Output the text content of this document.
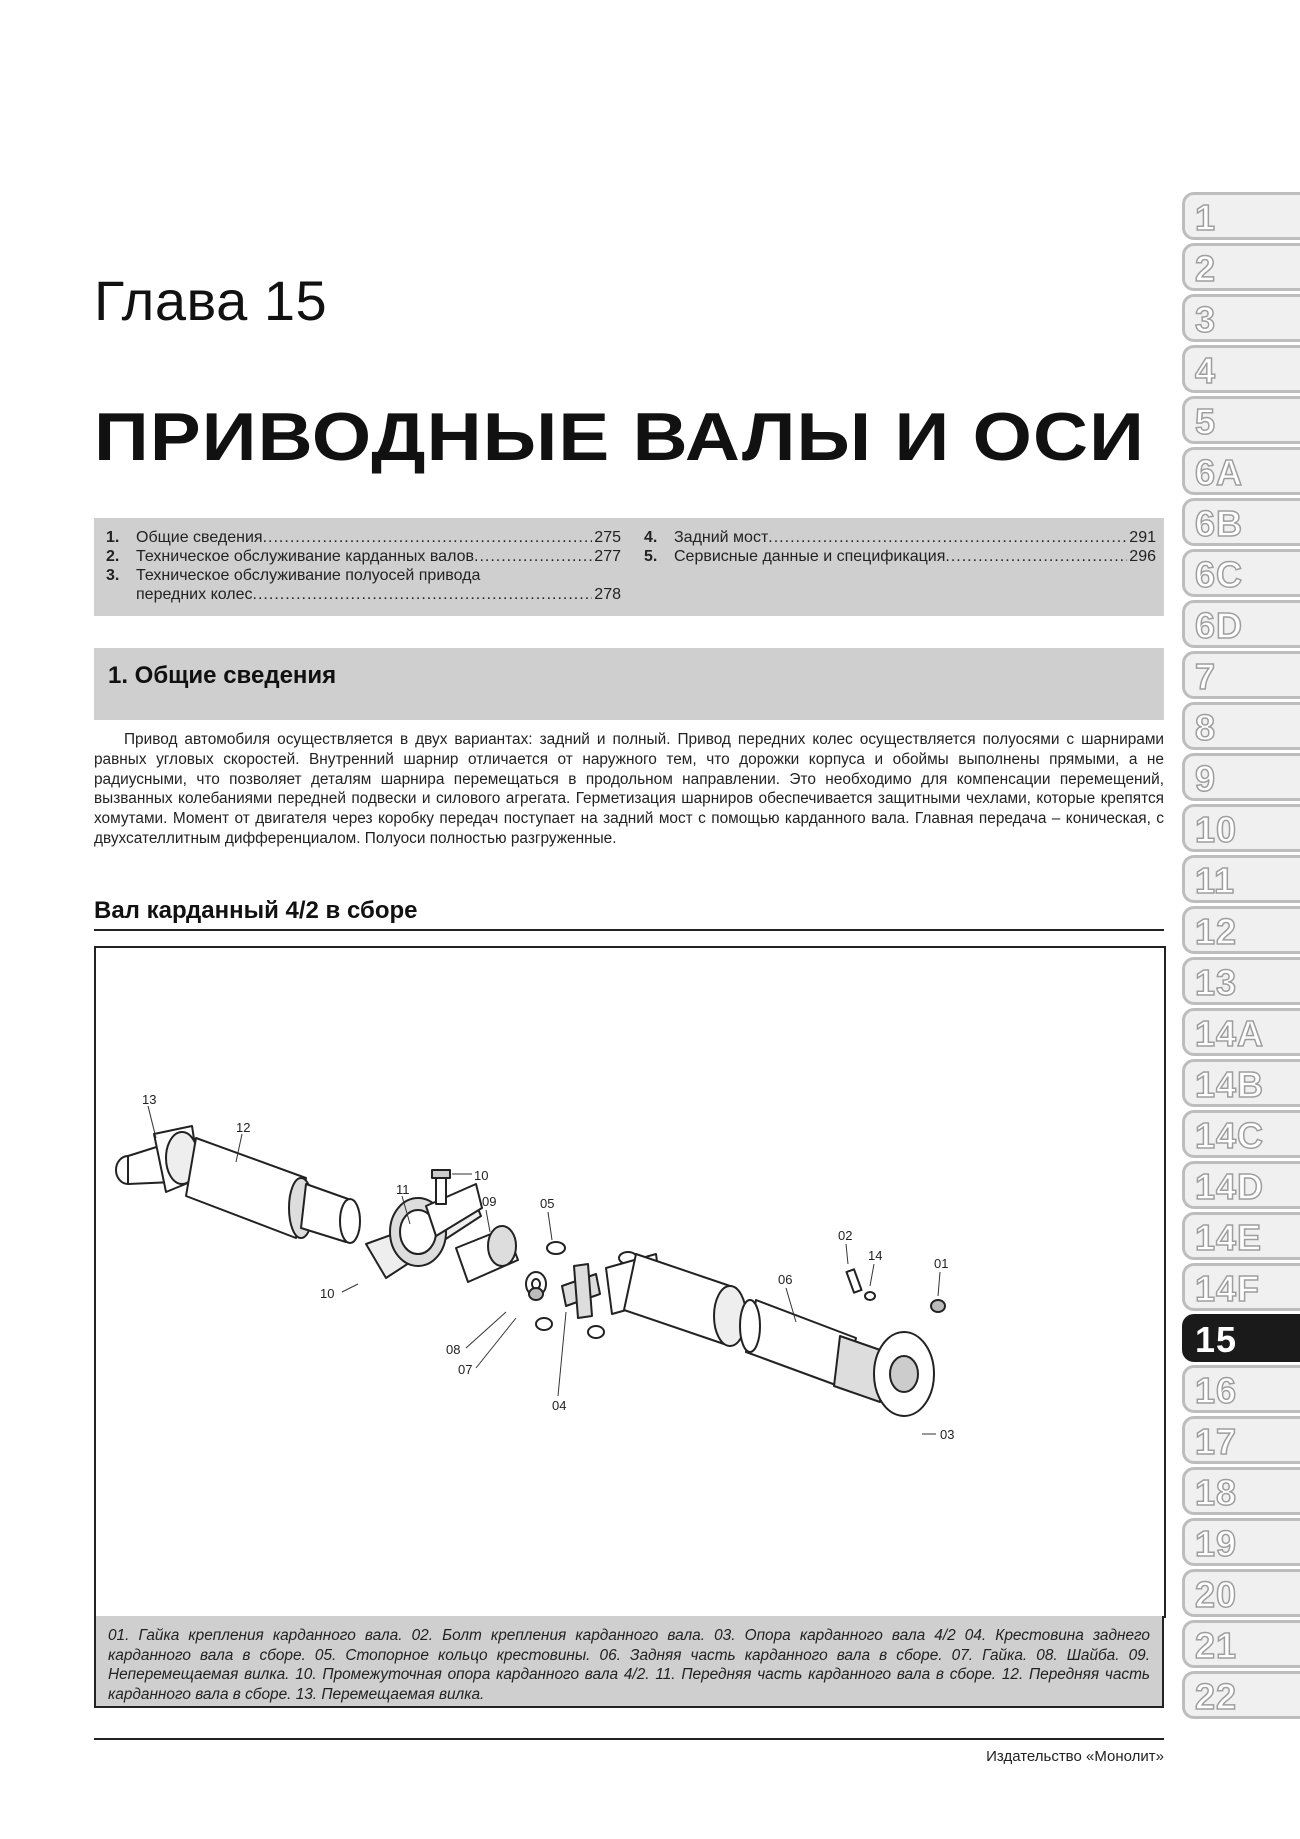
Глава 15
ПРИВОДНЫЕ ВАЛЫ И ОСИ
1.	Общие сведения .....	275
2.	Техническое обслуживание карданных валов .....	277
3.	Техническое обслуживание полуосей привода
передних колес .....	278
4.	Задний мост .....	291
5.	Сервисные данные и спецификация .....	296
1. Общие сведения

Привод автомобиля осуществляется в двух вариантах: задний и полный. Привод передних колес осуществляется полуосями с шарнирами равных угловых скоростей. Внутренний шарнир отличается от наружного тем, что дорожки корпуса и обоймы выполнены прямыми, а не радиусными, что позволяет деталям шарнира перемещаться в продольном направлении. Это необходимо для компенсации перемещений, вызванных колебаниями передней подвески и силового агрегата. Герметизация шарниров обеспечивается защитными чехлами, которые крепятся хомутами. Момент от двигателя через коробку передач поступает на задний мост с помощью карданного вала. Главная передача – коническая, с двухсателлитным дифференциалом. Полуоси полностью разгруженные.

Вал карданный 4/2 в сборе
13
12
11
10
10
09
08
07
05
04
06
02
14
01
03
01. Гайка крепления карданного вала. 02. Болт крепления карданного вала. 03. Опора карданного вала 4/2 04. Крестовина заднего карданного вала в сборе. 05. Стопорное кольцо крестовины. 06. Задняя часть карданного вала в сборе. 07. Гайка. 08. Шайба. 09. Неперемещаемая вилка. 10. Промежуточная опора карданного вала 4/2. 11. Передняя часть карданного вала в сборе. 12. Передняя часть карданного вала в сборе. 13. Перемещаемая вилка.
Издательство «Монолит»
1
2
3
4
5
6A
6B
6C
6D
7
8
9
10
11
12
13
14A
14B
14C
14D
14E
14F
15
16
17
18
19
20
21
22
